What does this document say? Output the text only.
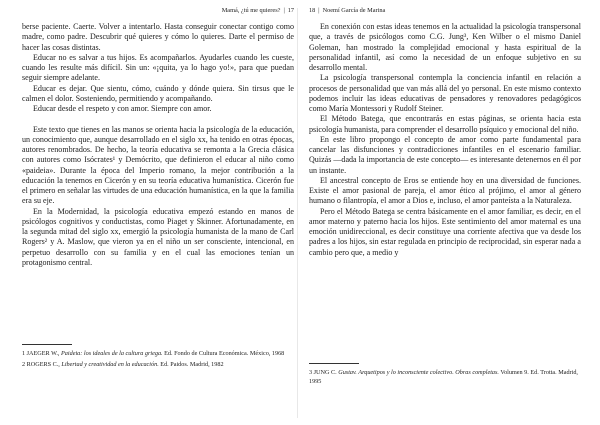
Mamá, ¿tú me quieres? | 17

berse paciente. Caerte. Volver a intentarlo. Hasta conseguir conectar contigo como madre, como padre. Descubrir qué quieres y cómo lo quieres. Darte el permiso de hacer las cosas distintas.

Educar no es salvar a tus hijos. Es acompañarlos. Ayudarles cuando les cueste, cuando les resulte más difícil. Sin un: «¡quita, ya lo hago yo!», para que puedan seguir siempre adelante.

Educar es dejar. Que sientu, cómo, cuándo y dónde quiera. Sin tirsus que le calmen el dolor. Sosteniendo, permitiendo y acompañando.

Educar desde el respeto y con amor. Siempre con amor.

Este texto que tienes en las manos se orienta hacia la psicología de la educación, un conocimiento que, aunque desarrollado en el siglo xx, ha tenido en otras épocas, autores renombrados. De hecho, la teoría educativa se remonta a la Grecia clásica con autores como Isócrates¹ y Demócrito, que definieron el educar al niño como «paideia». Durante la época del Imperio romano, la mejor contribución a la educación la tenemos en Cicerón y en su teoría educativa humanística. Cicerón fue el primero en señalar las virtudes de una educación humanística, en la que la familia era su eje.

En la Modernidad, la psicología educativa empezó estando en manos de psicólogos cognitivos y conductistas, como Piaget y Skinner. Afortunadamente, en la segunda mitad del siglo xx, emergió la psicología humanista de la mano de Carl Rogers² y A. Maslow, que vieron ya en el niño un ser consciente, intencional, en perpetuo desarrollo con su familia y en el cual las emociones tenían un protagonismo central.

1 JAEGER W., Paideia: los ideales de la cultura griega. Ed. Fondo de Cultura Económica. México, 1968
2 ROGERS C., Libertad y creatividad en la educación. Ed. Paidos. Madrid, 1982
18 | Noemí García de Marina

En conexión con estas ideas tenemos en la actualidad la psicología transpersonal que, a través de psicólogos como C.G. Jung³, Ken Wilber o el mismo Daniel Goleman, han mostrado la complejidad emocional y hasta espiritual de la personalidad infantil, así como la necesidad de un enfoque subjetivo en su desarrollo mental.

La psicología transpersonal contempla la conciencia infantil en relación a procesos de personalidad que van más allá del yo personal. En este mismo contexto podemos incluir las ideas educativas de pensadores y renovadores pedagógicos como María Montessori y Rudolf Steiner.

El Método Batega, que encontrarás en estas páginas, se orienta hacia esta psicología humanista, para comprender el desarrollo psíquico y emocional del niño.

En este libro propongo el concepto de amor como parte fundamental para cancelar las disfunciones y contradicciones infantiles en el escenario familiar. Quizás —dada la importancia de este concepto— es interesante detenernos en él por un instante.

El ancestral concepto de Eros se entiende hoy en una diversidad de funciones. Existe el amor pasional de pareja, el amor ético al prójimo, el amor al género humano o filantropía, el amor a Dios e, incluso, el amor panteísta a la Naturaleza.

Pero el Método Batega se centra básicamente en el amor familiar, es decir, en el amor materno y paterno hacia los hijos. Este sentimiento del amor maternal es una emoción unidireccional, es decir constituye una corriente afectiva que va desde los padres a los hijos, sin estar regulada en principio de reciprocidad, sin esperar nada a cambio pero que, a medio y

3 JUNG C. Gustav. Arquetipos y lo inconsciente colectivo. Obras completas. Volumen 9. Ed. Trotta. Madrid, 1995
